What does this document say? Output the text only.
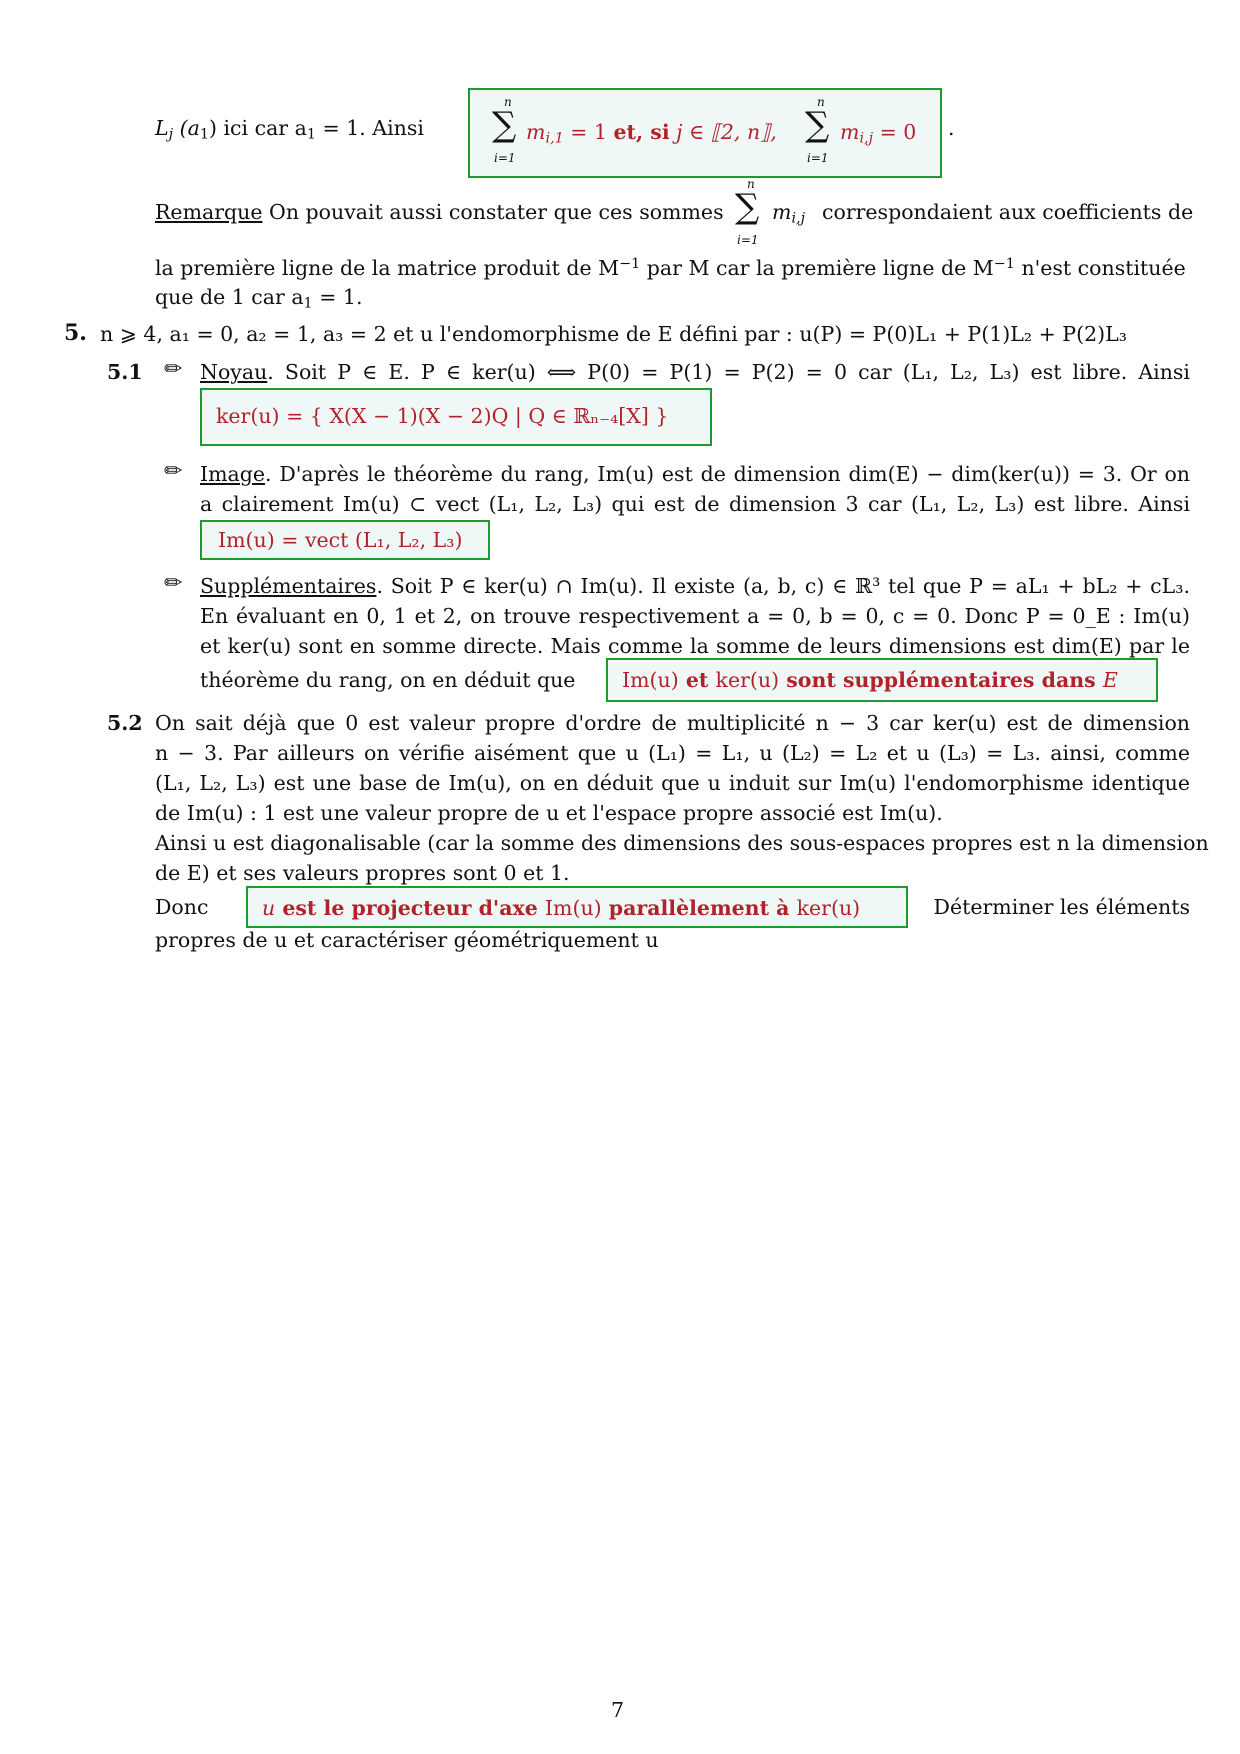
$L_j$ $(a_1)$ ici car $a_1 = 1$. Ainsi
n
∑
i=1
$m_{i,1} = 1$ et, si j ∈ ⟦2, n⟧,
n
∑
i=1
$m_{i,j} = 0$ .
Remarque On pouvait aussi constater que ces sommes
n
∑
i=1
$m_{i,j}$ correspondaient aux coefficients de
la première ligne de la matrice produit de $M^{-1}$ par M car la première ligne de $M^{-1}$ n'est constituée
que de 1 car $a_1 = 1$.
5. n ⩾ 4, a₁ = 0, a₂ = 1, a₃ = 2 et u l'endomorphisme de E défini par : u(P) = P(0)L₁ + P(1)L₂ + P(2)L₃
5.1 ✏ Noyau. Soit P ∈ E. P ∈ ker(u) ⟺ P(0) = P(1) = P(2) = 0 car (L₁, L₂, L₃) est libre. Ainsi
ker(u) = { X(X − 1)(X − 2)Q | Q ∈ ℝₙ₋₄[X] }
✏ Image. D'après le théorème du rang, Im(u) est de dimension dim(E) − dim(ker(u)) = 3. Or on
a clairement Im(u) ⊂ vect (L₁, L₂, L₃) qui est de dimension 3 car (L₁, L₂, L₃) est libre. Ainsi
Im(u) = vect (L₁, L₂, L₃)
✏ Supplémentaires. Soit P ∈ ker(u) ∩ Im(u). Il existe (a, b, c) ∈ ℝ³ tel que P = aL₁ + bL₂ + cL₃.
En évaluant en 0, 1 et 2, on trouve respectivement a = 0, b = 0, c = 0. Donc P = 0_E : Im(u)
et ker(u) sont en somme directe. Mais comme la somme de leurs dimensions est dim(E) par le
théorème du rang, on en déduit que Im(u) et ker(u) sont supplémentaires dans E
5.2 On sait déjà que 0 est valeur propre d'ordre de multiplicité n − 3 car ker(u) est de dimension
n − 3. Par ailleurs on vérifie aisément que u (L₁) = L₁, u (L₂) = L₂ et u (L₃) = L₃. ainsi, comme
(L₁, L₂, L₃) est une base de Im(u), on en déduit que u induit sur Im(u) l'endomorphisme identique
de Im(u) : 1 est une valeur propre de u et l'espace propre associé est Im(u).
Ainsi u est diagonalisable (car la somme des dimensions des sous-espaces propres est n la dimension
de E) et ses valeurs propres sont 0 et 1.
Donc	u est le projecteur d'axe Im(u) parallèlement à ker(u)	Déterminer les éléments
propres de u et caractériser géométriquement u
7
